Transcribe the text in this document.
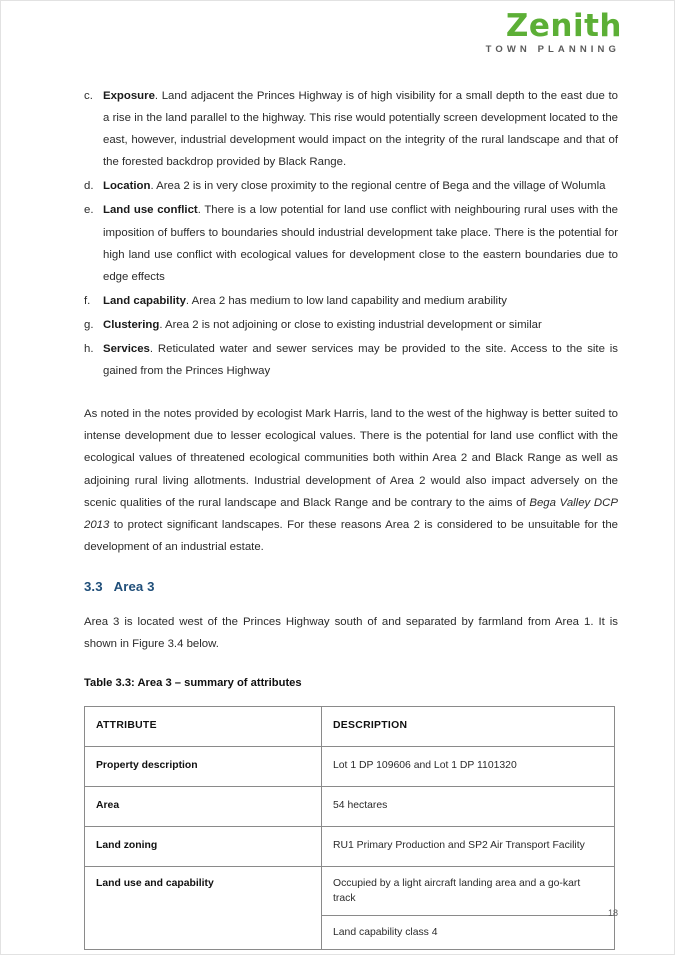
Zenith
TOWN PLANNING
c. Exposure. Land adjacent the Princes Highway is of high visibility for a small depth to the east due to a rise in the land parallel to the highway. This rise would potentially screen development located to the east, however, industrial development would impact on the integrity of the rural landscape and that of the forested backdrop provided by Black Range.
d. Location. Area 2 is in very close proximity to the regional centre of Bega and the village of Wolumla
e. Land use conflict. There is a low potential for land use conflict with neighbouring rural uses with the imposition of buffers to boundaries should industrial development take place. There is the potential for high land use conflict with ecological values for development close to the eastern boundaries due to edge effects
f. Land capability. Area 2 has medium to low land capability and medium arability
g. Clustering. Area 2 is not adjoining or close to existing industrial development or similar
h. Services. Reticulated water and sewer services may be provided to the site. Access to the site is gained from the Princes Highway

As noted in the notes provided by ecologist Mark Harris, land to the west of the highway is better suited to intense development due to lesser ecological values. There is the potential for land use conflict with the ecological values of threatened ecological communities both within Area 2 and Black Range as well as adjoining rural living allotments. Industrial development of Area 2 would also impact adversely on the scenic qualities of the rural landscape and Black Range and be contrary to the aims of Bega Valley DCP 2013 to protect significant landscapes. For these reasons Area 2 is considered to be unsuitable for the development of an industrial estate.

3.3 Area 3

Area 3 is located west of the Princes Highway south of and separated by farmland from Area 1. It is shown in Figure 3.4 below.

Table 3.3: Area 3 – summary of attributes

ATTRIBUTE	DESCRIPTION
Property description	Lot 1 DP 109606 and Lot 1 DP 1101320
Area	54 hectares
Land zoning	RU1 Primary Production and SP2 Air Transport Facility
Land use and capability	Occupied by a light aircraft landing area and a go-kart track
	Land capability class 4
18
